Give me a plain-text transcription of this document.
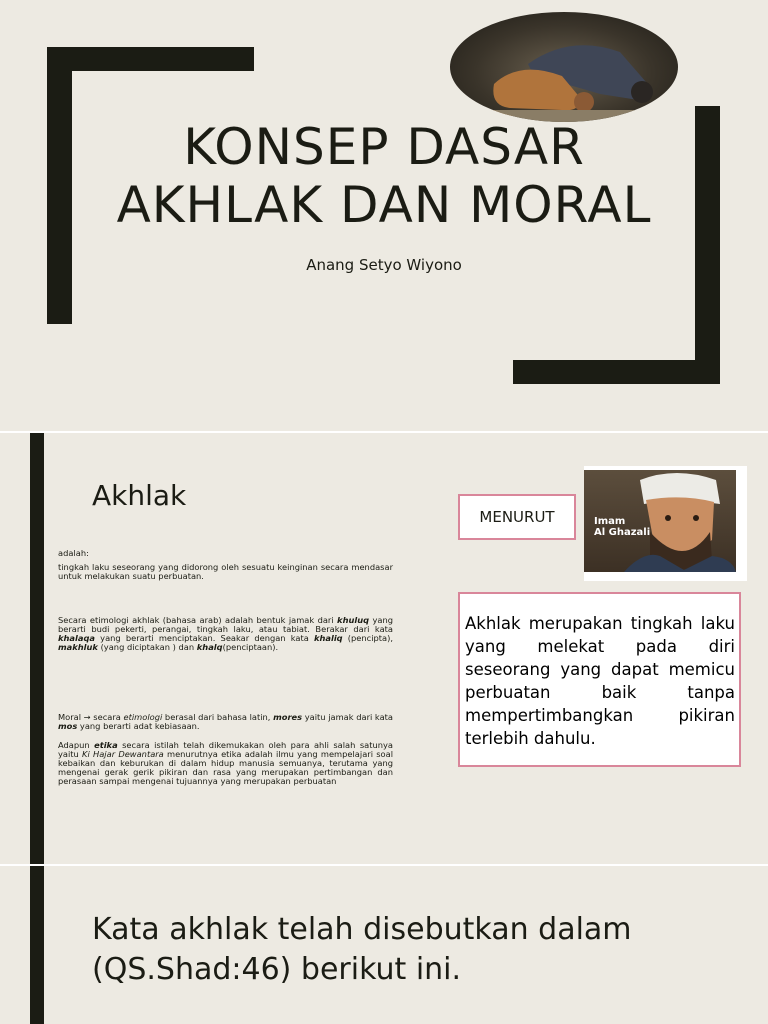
KONSEP DASAR
AKHLAK DAN MORAL
Anang Setyo Wiyono
Akhlak

adalah:

tingkah laku seseorang yang didorong oleh sesuatu keinginan secara mendasar untuk melakukan suatu perbuatan.

Secara etimologi akhlak (bahasa arab) adalah bentuk jamak dari khuluq yang berarti budi pekerti, perangai, tingkah laku, atau tabiat. Berakar dari kata khalaqa yang berarti menciptakan. Seakar dengan kata khaliq (pencipta), makhluk (yang diciptakan ) dan khalq(penciptaan).

Moral → secara etimologi berasal dari bahasa latin, mores yaitu jamak dari kata mos yang berarti adat kebiasaan.

Adapun etika secara istilah telah dikemukakan oleh para ahli salah satunya yaitu Ki Hajar Dewantara menurutnya etika adalah ilmu yang mempelajari soal kebaikan dan keburukan di dalam hidup manusia semuanya, terutama yang mengenai gerak gerik pikiran dan rasa yang merupakan pertimbangan dan perasaan sampai mengenai tujuannya yang merupakan perbuatan

MENURUT	Imam
Al Ghazali
Akhlak merupakan tingkah laku yang melekat pada diri seseorang yang dapat memicu perbuatan baik tanpa mempertimbangkan pikiran terlebih dahulu.
Kata akhlak telah disebutkan dalam (QS.Shad:46) berikut ini.
